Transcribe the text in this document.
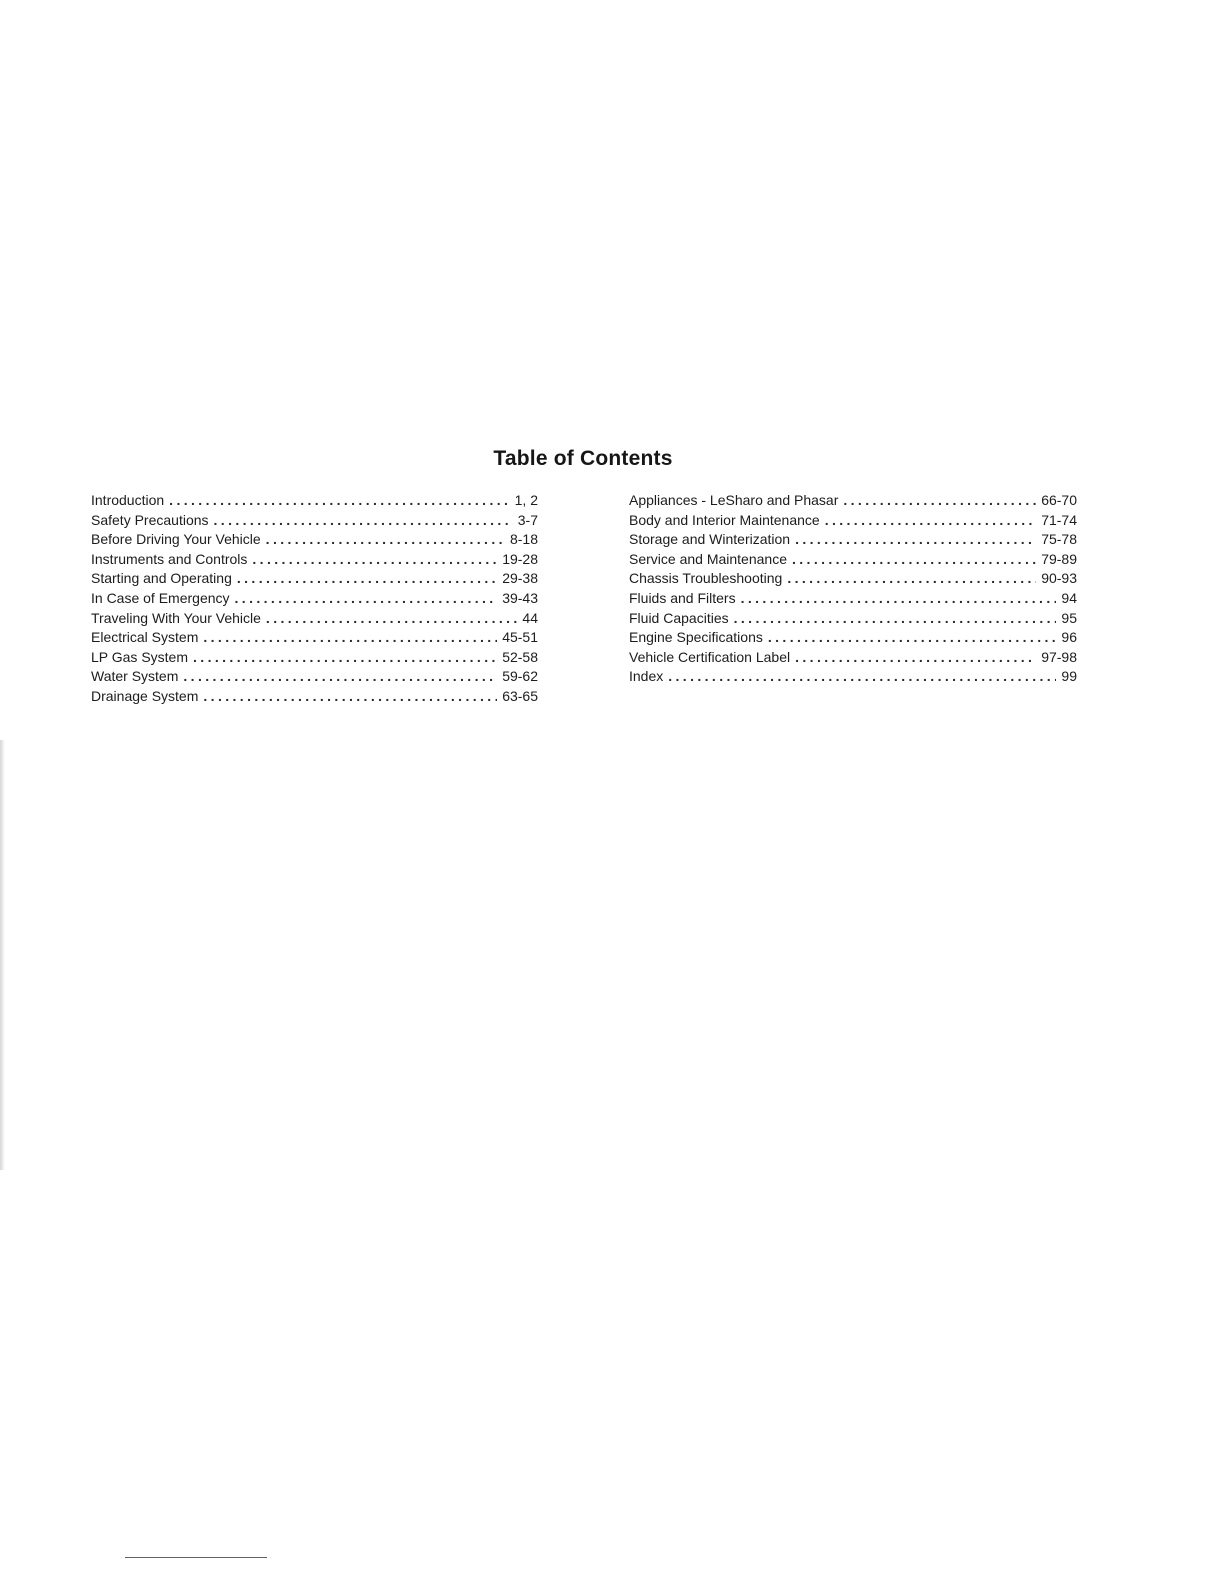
Table of Contents
Introduction . . .	1, 2
Safety Precautions . . .	3-7
Before Driving Your Vehicle . . .	8-18
Instruments and Controls . . .	19-28
Starting and Operating . . .	29-38
In Case of Emergency . . .	39-43
Traveling With Your Vehicle . . .	44
Electrical System . . .	45-51
LP Gas System . . .	52-58
Water System . . .	59-62
Drainage System . . .	63-65
Appliances - LeSharo and Phasar . . .	66-70
Body and Interior Maintenance . . .	71-74
Storage and Winterization . . .	75-78
Service and Maintenance . . .	79-89
Chassis Troubleshooting . . .	90-93
Fluids and Filters . . .	94
Fluid Capacities . . .	95
Engine Specifications . . .	96
Vehicle Certification Label . . .	97-98
Index . . .	99
